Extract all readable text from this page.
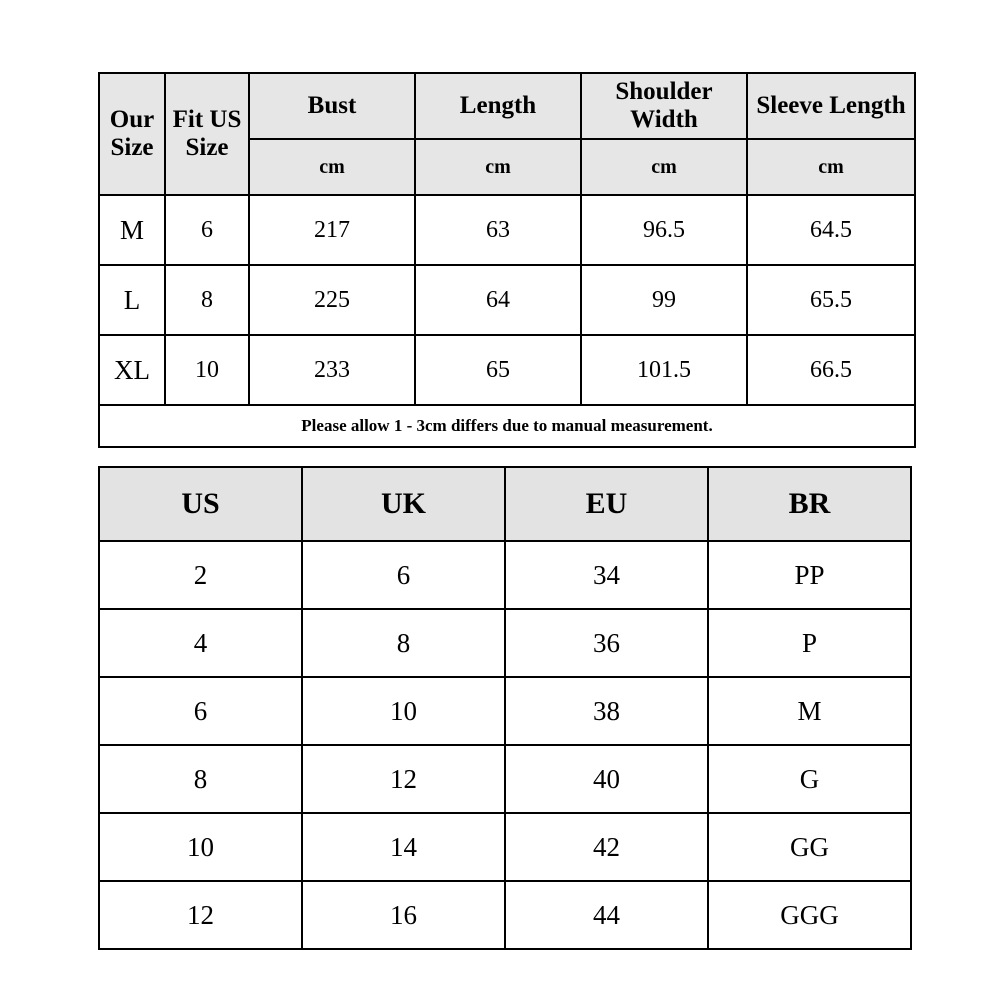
Our Size	Fit US Size	Bust	Length	Shoulder Width	Sleeve Length
		cm	cm	cm	cm
M	6	217	63	96.5	64.5
L	8	225	64	99	65.5
XL	10	233	65	101.5	66.5
Please allow 1 - 3cm differs due to manual measurement.					
US	UK	EU	BR
2	6	34	PP
4	8	36	P
6	10	38	M
8	12	40	G
10	14	42	GG
12	16	44	GGG
